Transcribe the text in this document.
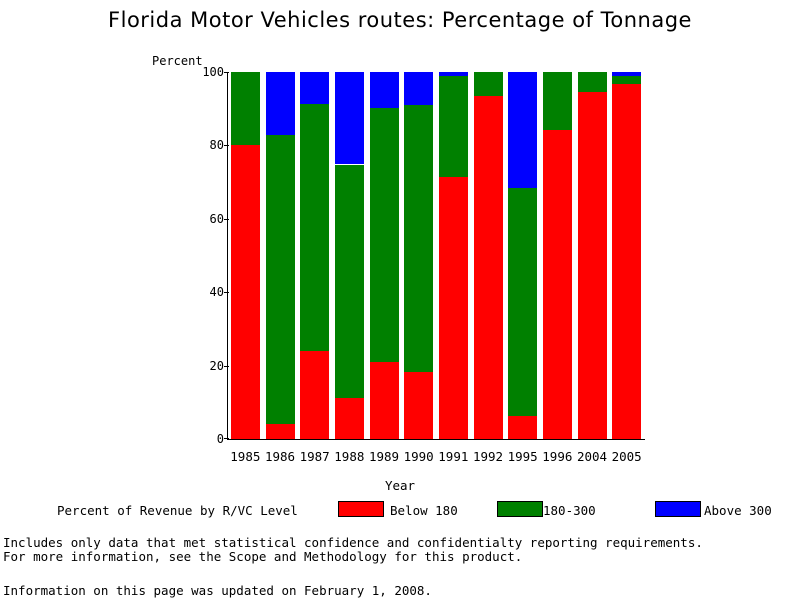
Florida Motor Vehicles routes: Percentage of Tonnage
Percent
0
20
40
60
80
100
1985 1986 1987 1988 1989 1990 1991 1992 1995 1996 2004 2005
Year
Percent of Revenue by R/VC Level	Below 180	180-300	Above 300
Includes only data that met statistical confidence and confidentialty reporting requirements.
For more information, see the Scope and Methodology for this product.
Information on this page was updated on February 1, 2008.
